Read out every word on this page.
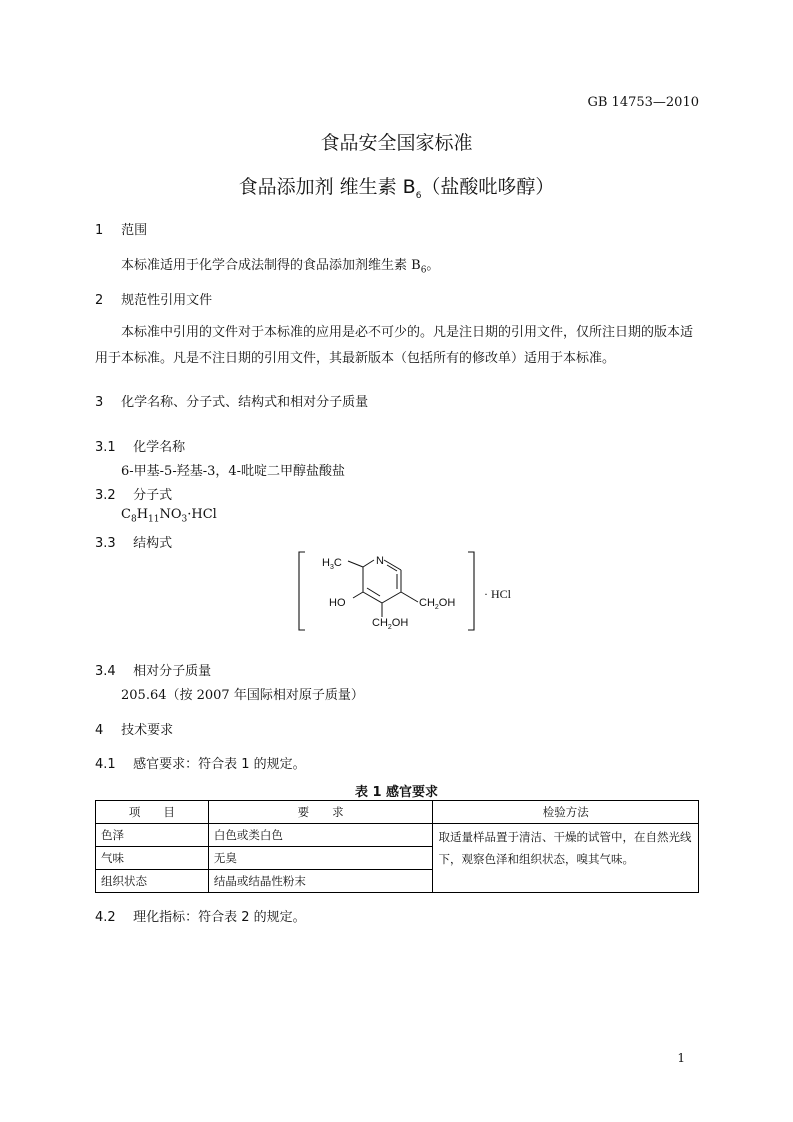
GB 14753—2010
食品安全国家标准
食品添加剂 维生素 $B_6$（盐酸吡哆醇）
1 范围
本标准适用于化学合成法制得的食品添加剂维生素 $B_6$。
2 规范性引用文件
本标准中引用的文件对于本标准的应用是必不可少的。凡是注日期的引用文件，仅所注日期的版本适用于本标准。凡是不注日期的引用文件，其最新版本（包括所有的修改单）适用于本标准。
3 化学名称、分子式、结构式和相对分子质量
3.1 化学名称
6-甲基-5-羟基-3，4-吡啶二甲醇盐酸盐
3.2 分子式
$C_8H_{11}NO_3\cdot HCl$
3.3 结构式
$H_3C$	N
HO	$CH_2OH$
$CH_2OH$
· HCl
3.4 相对分子质量
205.64（按 2007 年国际相对原子质量）
4 技术要求
4.1 感官要求：符合表 1 的规定。
表 1 感官要求
项　　目	要　　求	检验方法
色泽	白色或类白色	取适量样品置于清洁、干燥的试管中，在自然光线下，观察色泽和组织状态，嗅其气味。
气味	无臭	
组织状态	结晶或结晶性粉末	
4.2 理化指标：符合表 2 的规定。
1
